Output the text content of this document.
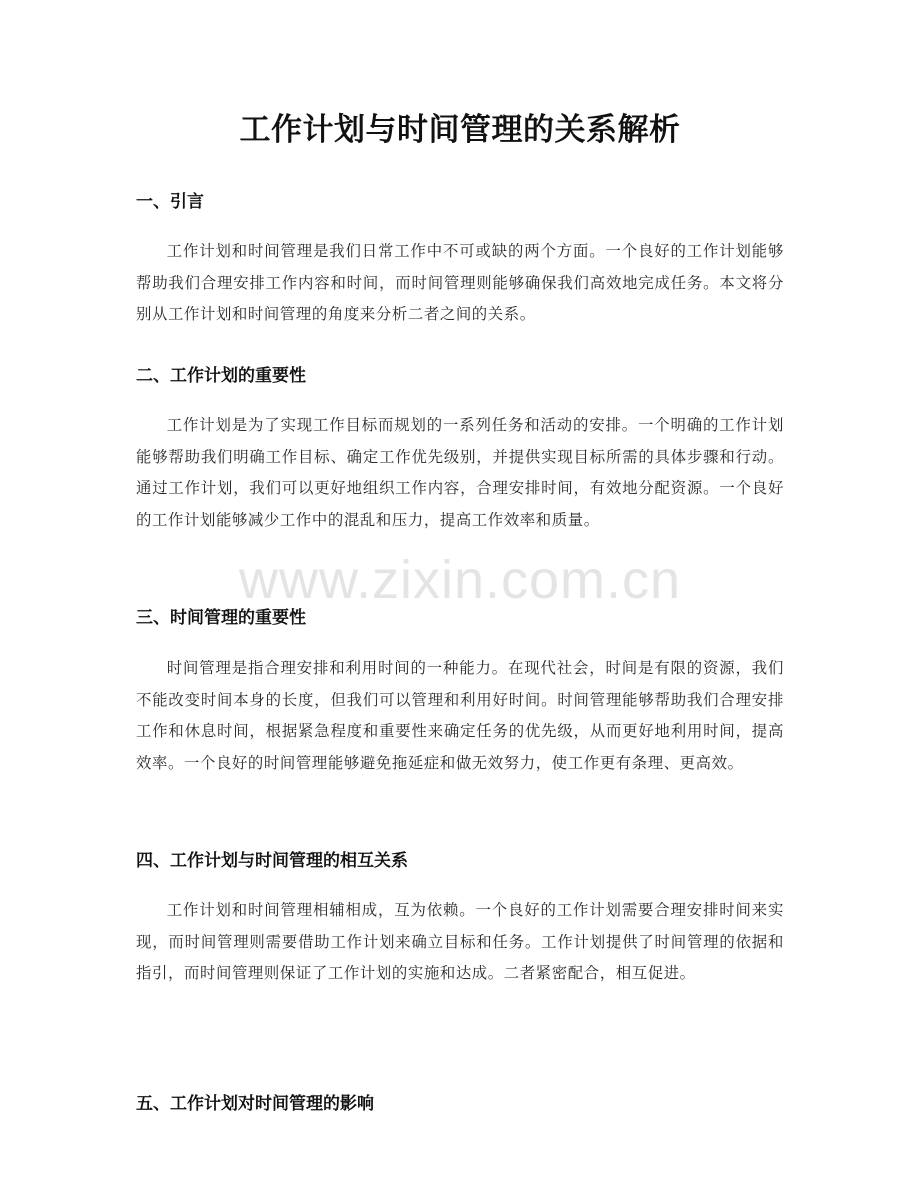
工作计划与时间管理的关系解析
一、引言
工作计划和时间管理是我们日常工作中不可或缺的两个方面。一个良好的工作计划能够帮助我们合理安排工作内容和时间，而时间管理则能够确保我们高效地完成任务。本文将分别从工作计划和时间管理的角度来分析二者之间的关系。
二、工作计划的重要性
工作计划是为了实现工作目标而规划的一系列任务和活动的安排。一个明确的工作计划能够帮助我们明确工作目标、确定工作优先级别，并提供实现目标所需的具体步骤和行动。通过工作计划，我们可以更好地组织工作内容，合理安排时间，有效地分配资源。一个良好的工作计划能够减少工作中的混乱和压力，提高工作效率和质量。
三、时间管理的重要性
时间管理是指合理安排和利用时间的一种能力。在现代社会，时间是有限的资源，我们不能改变时间本身的长度，但我们可以管理和利用好时间。时间管理能够帮助我们合理安排工作和休息时间，根据紧急程度和重要性来确定任务的优先级，从而更好地利用时间，提高效率。一个良好的时间管理能够避免拖延症和做无效努力，使工作更有条理、更高效。
四、工作计划与时间管理的相互关系
工作计划和时间管理相辅相成，互为依赖。一个良好的工作计划需要合理安排时间来实现，而时间管理则需要借助工作计划来确立目标和任务。工作计划提供了时间管理的依据和指引，而时间管理则保证了工作计划的实施和达成。二者紧密配合，相互促进。
五、工作计划对时间管理的影响
www.zixin.com.cn
